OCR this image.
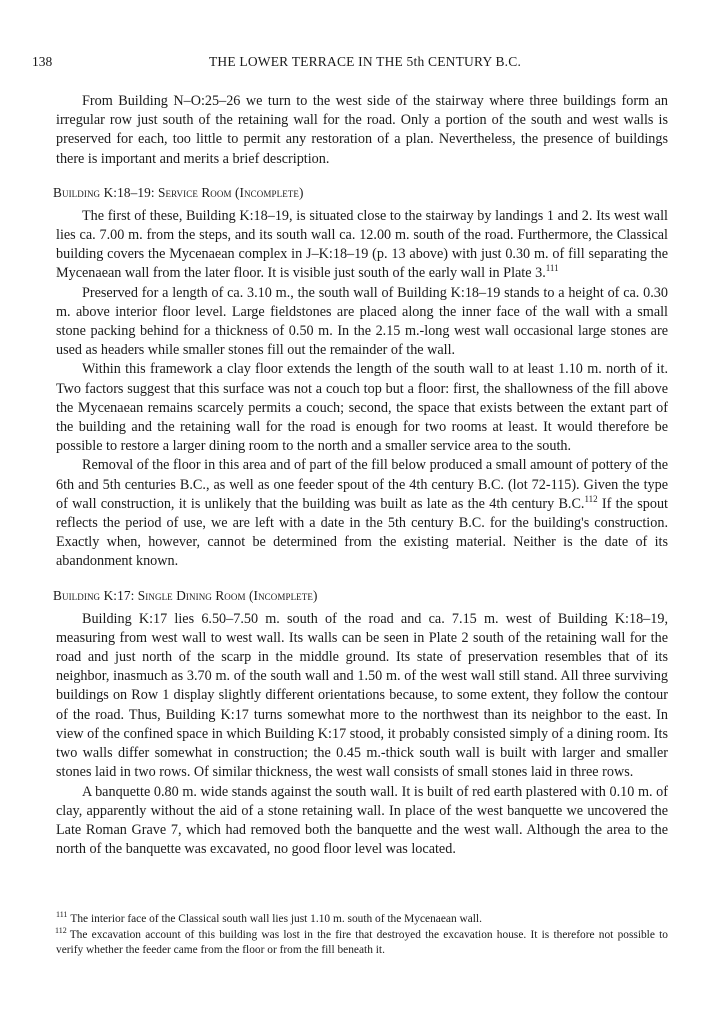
138	THE LOWER TERRACE IN THE 5th CENTURY B.C.

From Building N–O:25–26 we turn to the west side of the stairway where three buildings form an irregular row just south of the retaining wall for the road. Only a portion of the south and west walls is preserved for each, too little to permit any restoration of a plan. Nevertheless, the presence of buildings there is important and merits a brief description.

Building K:18–19: Service Room (Incomplete)

The first of these, Building K:18–19, is situated close to the stairway by landings 1 and 2. Its west wall lies ca. 7.00 m. from the steps, and its south wall ca. 12.00 m. south of the road. Furthermore, the Classical building covers the Mycenaean complex in J–K:18–19 (p. 13 above) with just 0.30 m. of fill separating the Mycenaean wall from the later floor. It is visible just south of the early wall in Plate 3.$^{111}$

Preserved for a length of ca. 3.10 m., the south wall of Building K:18–19 stands to a height of ca. 0.30 m. above interior floor level. Large fieldstones are placed along the inner face of the wall with a small stone packing behind for a thickness of 0.50 m. In the 2.15 m.-long west wall occasional large stones are used as headers while smaller stones fill out the remainder of the wall.

Within this framework a clay floor extends the length of the south wall to at least 1.10 m. north of it. Two factors suggest that this surface was not a couch top but a floor: first, the shallowness of the fill above the Mycenaean remains scarcely permits a couch; second, the space that exists between the extant part of the building and the retaining wall for the road is enough for two rooms at least. It would therefore be possible to restore a larger dining room to the north and a smaller service area to the south.

Removal of the floor in this area and of part of the fill below produced a small amount of pottery of the 6th and 5th centuries B.C., as well as one feeder spout of the 4th century B.C. (lot 72-115). Given the type of wall construction, it is unlikely that the building was built as late as the 4th century B.C.$^{112}$ If the spout reflects the period of use, we are left with a date in the 5th century B.C. for the building's construction. Exactly when, however, cannot be determined from the existing material. Neither is the date of its abandonment known.

Building K:17: Single Dining Room (Incomplete)

Building K:17 lies 6.50–7.50 m. south of the road and ca. 7.15 m. west of Building K:18–19, measuring from west wall to west wall. Its walls can be seen in Plate 2 south of the retaining wall for the road and just north of the scarp in the middle ground. Its state of preservation resembles that of its neighbor, inasmuch as 3.70 m. of the south wall and 1.50 m. of the west wall still stand. All three surviving buildings on Row 1 display slightly different orientations because, to some extent, they follow the contour of the road. Thus, Building K:17 turns somewhat more to the northwest than its neighbor to the east. In view of the confined space in which Building K:17 stood, it probably consisted simply of a dining room. Its two walls differ somewhat in construction; the 0.45 m.-thick south wall is built with larger and smaller stones laid in two rows. Of similar thickness, the west wall consists of small stones laid in three rows.

A banquette 0.80 m. wide stands against the south wall. It is built of red earth plastered with 0.10 m. of clay, apparently without the aid of a stone retaining wall. In place of the west banquette we uncovered the Late Roman Grave 7, which had removed both the banquette and the west wall. Although the area to the north of the banquette was excavated, no good floor level was located.

$^{111}$ The interior face of the Classical south wall lies just 1.10 m. south of the Mycenaean wall.

$^{112}$ The excavation account of this building was lost in the fire that destroyed the excavation house. It is therefore not possible to verify whether the feeder came from the floor or from the fill beneath it.
